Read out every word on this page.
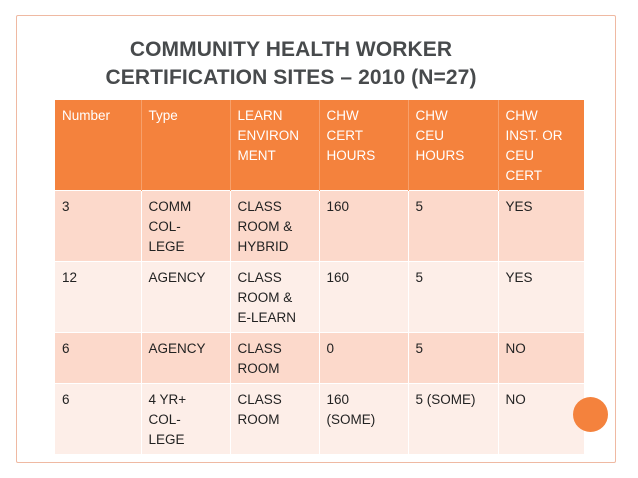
COMMUNITY HEALTH WORKER
CERTIFICATION SITES – 2010 (N=27)
Number	Type	LEARN
ENVIRON
MENT	CHW
CERT
HOURS	CHW
CEU
HOURS	CHW
INST. OR
CEU
CERT

3	COMM
COL-
LEGE	CLASS
ROOM &
HYBRID	160	5	YES

12	AGENCY	CLASS
ROOM &
E-LEARN	160	5	YES

6	AGENCY	CLASS
ROOM	0	5	NO

6	4 YR+
COL-
LEGE	CLASS
ROOM	160
(SOME)	5 (SOME)	NO
